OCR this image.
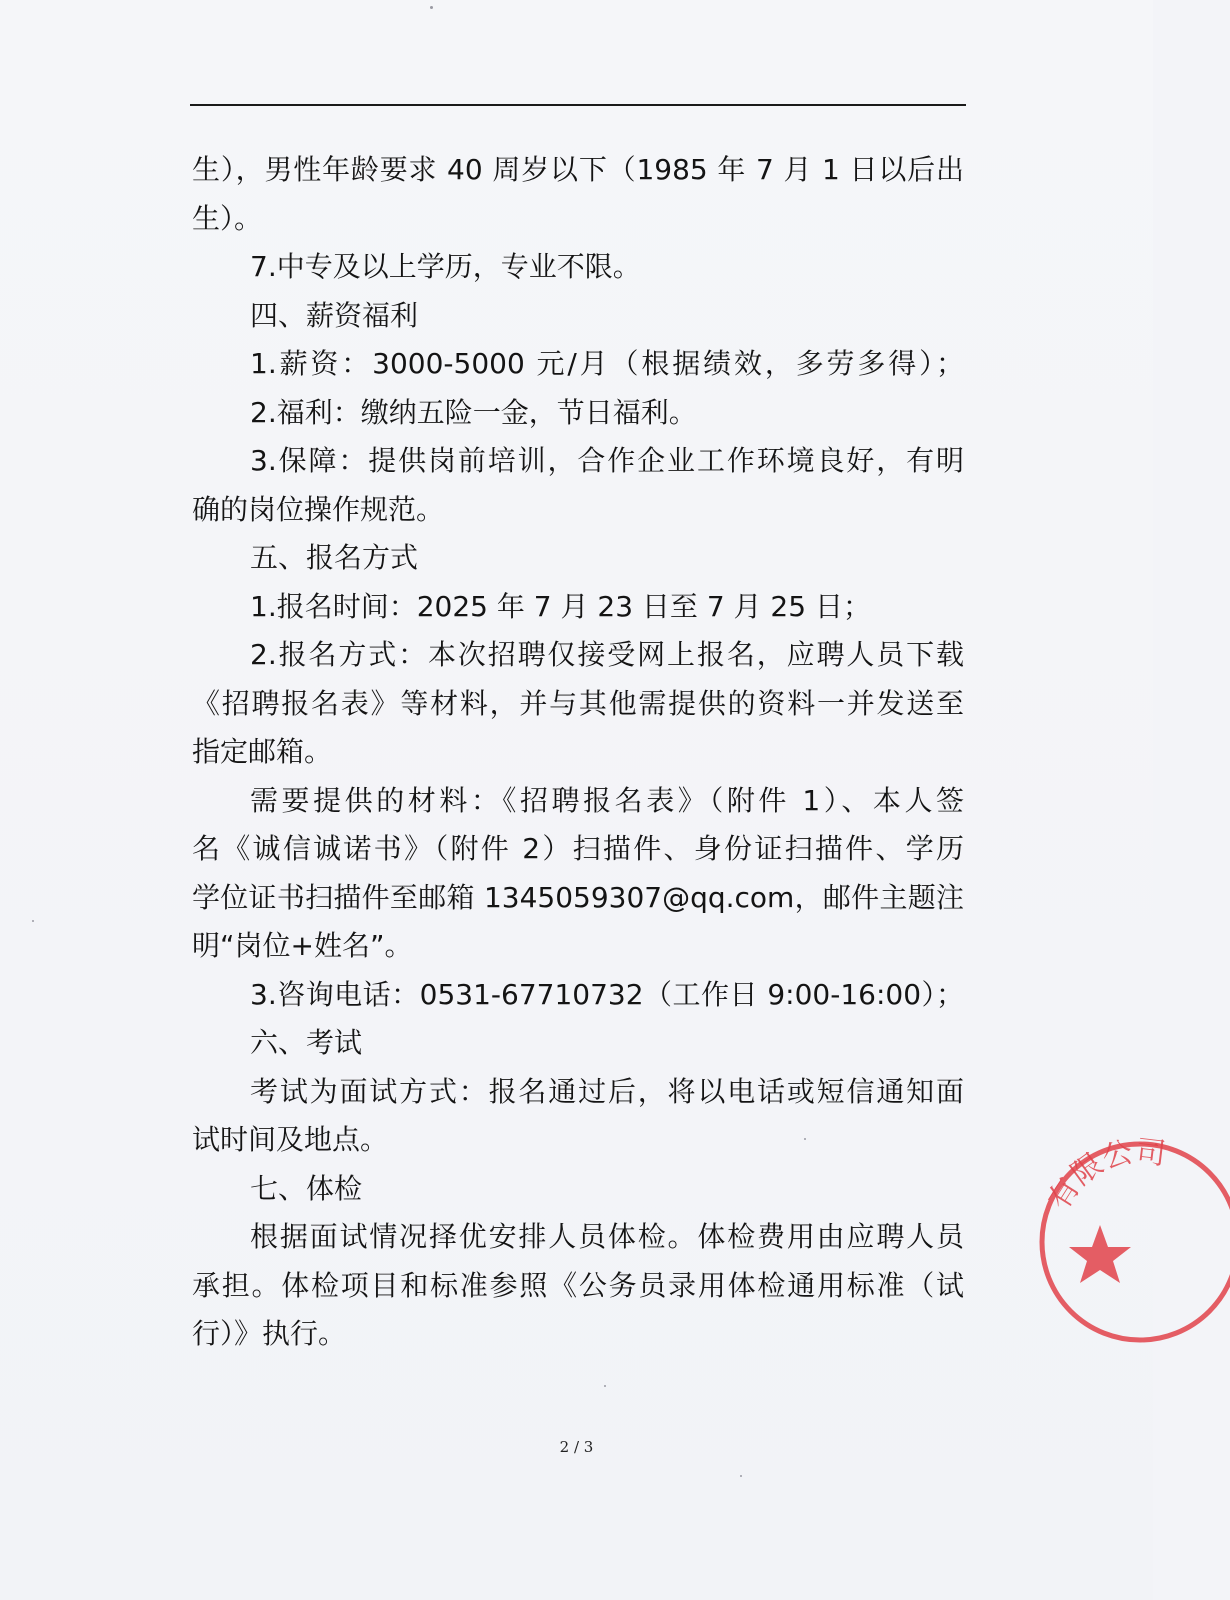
生），男性年龄要求 40 周岁以下（1985 年 7 月 1 日以后出
生）。
7.中专及以上学历，专业不限。
四、薪资福利
1.薪资：3000-5000 元/月（根据绩效，多劳多得）；
2.福利：缴纳五险一金，节日福利。
3.保障：提供岗前培训，合作企业工作环境良好，有明
确的岗位操作规范。
五、报名方式
1.报名时间：2025 年 7 月 23 日至 7 月 25 日；
2.报名方式：本次招聘仅接受网上报名，应聘人员下载
《招聘报名表》等材料，并与其他需提供的资料一并发送至
指定邮箱。
需要提供的材料：《招聘报名表》（附件 1）、本人签
名《诚信诚诺书》（附件 2）扫描件、身份证扫描件、学历
学位证书扫描件至邮箱 1345059307@qq.com，邮件主题注
明“岗位+姓名”。
3.咨询电话：0531-67710732（工作日 9:00-16:00）；
六、考试
考试为面试方式：报名通过后，将以电话或短信通知面
试时间及地点。
七、体检
根据面试情况择优安排人员体检。体检费用由应聘人员
承担。体检项目和标准参照《公务员录用体检通用标准（试
行）》执行。
2 / 3
有限公司
